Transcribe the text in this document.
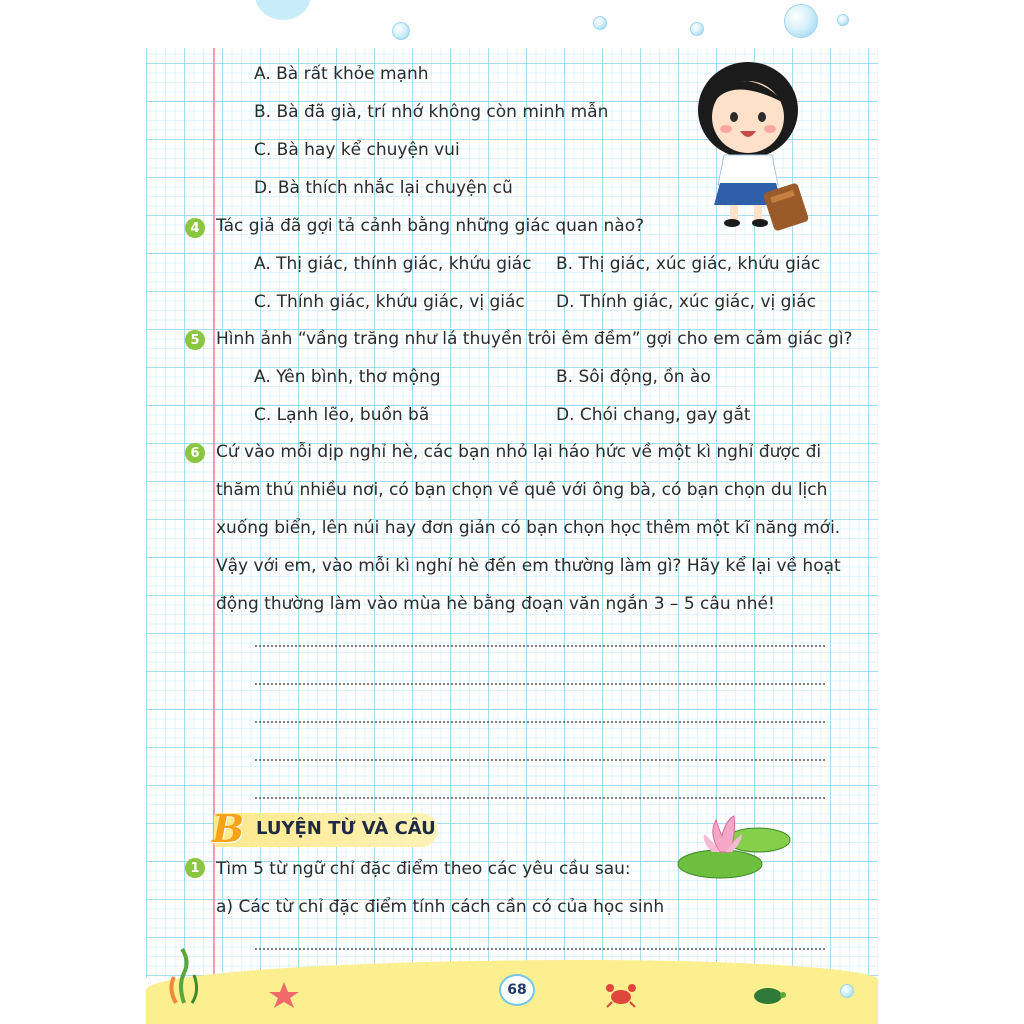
A. Bà rất khỏe mạnh
B. Bà đã già, trí nhớ không còn minh mẫn
C. Bà hay kể chuyện vui
D. Bà thích nhắc lại chuyện cũ
4 Tác giả đã gợi tả cảnh bằng những giác quan nào?
A. Thị giác, thính giác, khứu giác B. Thị giác, xúc giác, khứu giác
C. Thính giác, khứu giác, vị giác D. Thính giác, xúc giác, vị giác
5 Hình ảnh “vầng trăng như lá thuyền trôi êm đềm” gợi cho em cảm giác gì?
A. Yên bình, thơ mộng	B. Sôi động, ồn ào
C. Lạnh lẽo, buồn bã	D. Chói chang, gay gắt
6 Cứ vào mỗi dịp nghỉ hè, các bạn nhỏ lại háo hức về một kì nghỉ được đi
thăm thú nhiều nơi, có bạn chọn về quê với ông bà, có bạn chọn du lịch
xuống biển, lên núi hay đơn giản có bạn chọn học thêm một kĩ năng mới.
Vậy với em, vào mỗi kì nghỉ hè đến em thường làm gì? Hãy kể lại về hoạt
động thường làm vào mùa hè bằng đoạn văn ngắn 3 – 5 câu nhé!
B LUYỆN TỪ VÀ CÂU
1 Tìm 5 từ ngữ chỉ đặc điểm theo các yêu cầu sau:
a) Các từ chỉ đặc điểm tính cách cần có của học sinh
68
